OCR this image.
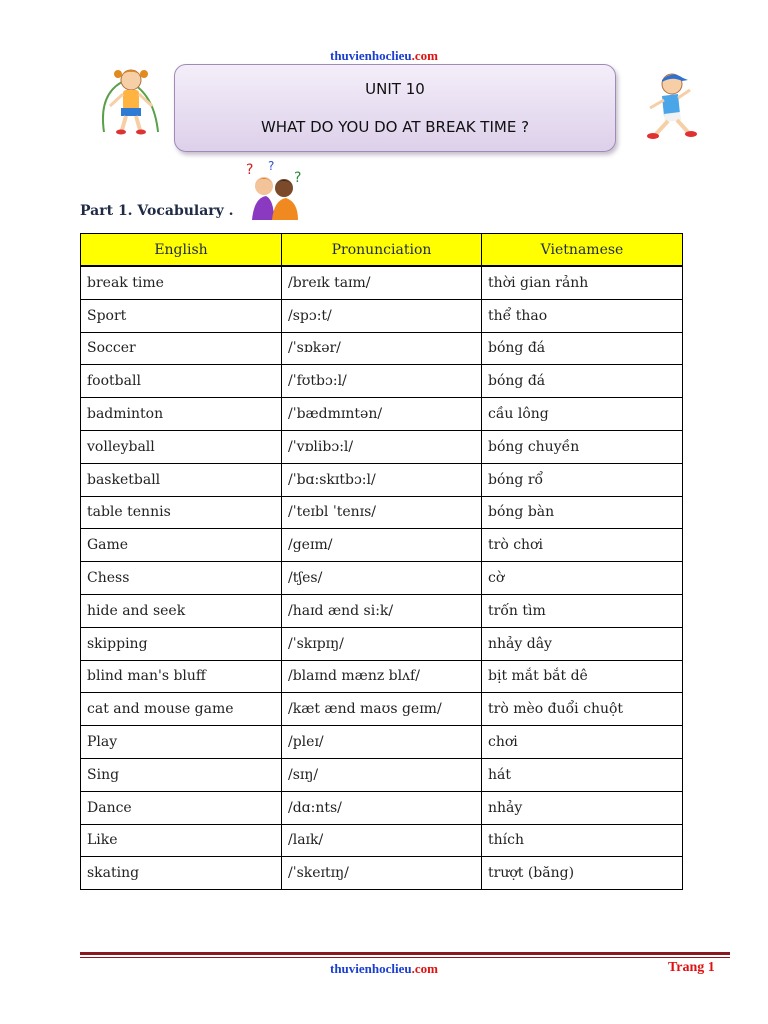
thuvienhoclieu.com
UNIT 10
WHAT DO YOU DO AT BREAK TIME ?
? ?
?
Part 1. Vocabulary .
English	Pronunciation	Vietnamese
break time	/breɪk taɪm/	thời gian rảnh
Sport	/spɔ:t/	thể thao
Soccer	/ˈsɒkər/	bóng đá
football	/ˈfʊtbɔ:l/	bóng đá
badminton	/ˈbædmɪntən/	cầu lông
volleyball	/ˈvɒlibɔ:l/	bóng chuyền
basketball	/ˈbɑ:skɪtbɔ:l/	bóng rổ
table tennis	/ˈteɪbl ˈtenɪs/	bóng bàn
Game	/geɪm/	trò chơi
Chess	/tʃes/	cờ
hide and seek	/haɪd ænd si:k/	trốn tìm
skipping	/ˈskɪpɪŋ/	nhảy dây
blind man's bluff	/blaɪnd mænz blʌf/	bịt mắt bắt dê
cat and mouse game	/kæt ænd maʊs geɪm/	trò mèo đuổi chuột
Play	/pleɪ/	chơi
Sing	/sɪŋ/	hát
Dance	/dɑ:nts/	nhảy
Like	/laɪk/	thích
skating	/ˈskeɪtɪŋ/	trượt (băng)
thuvienhoclieu.com	Trang 1
